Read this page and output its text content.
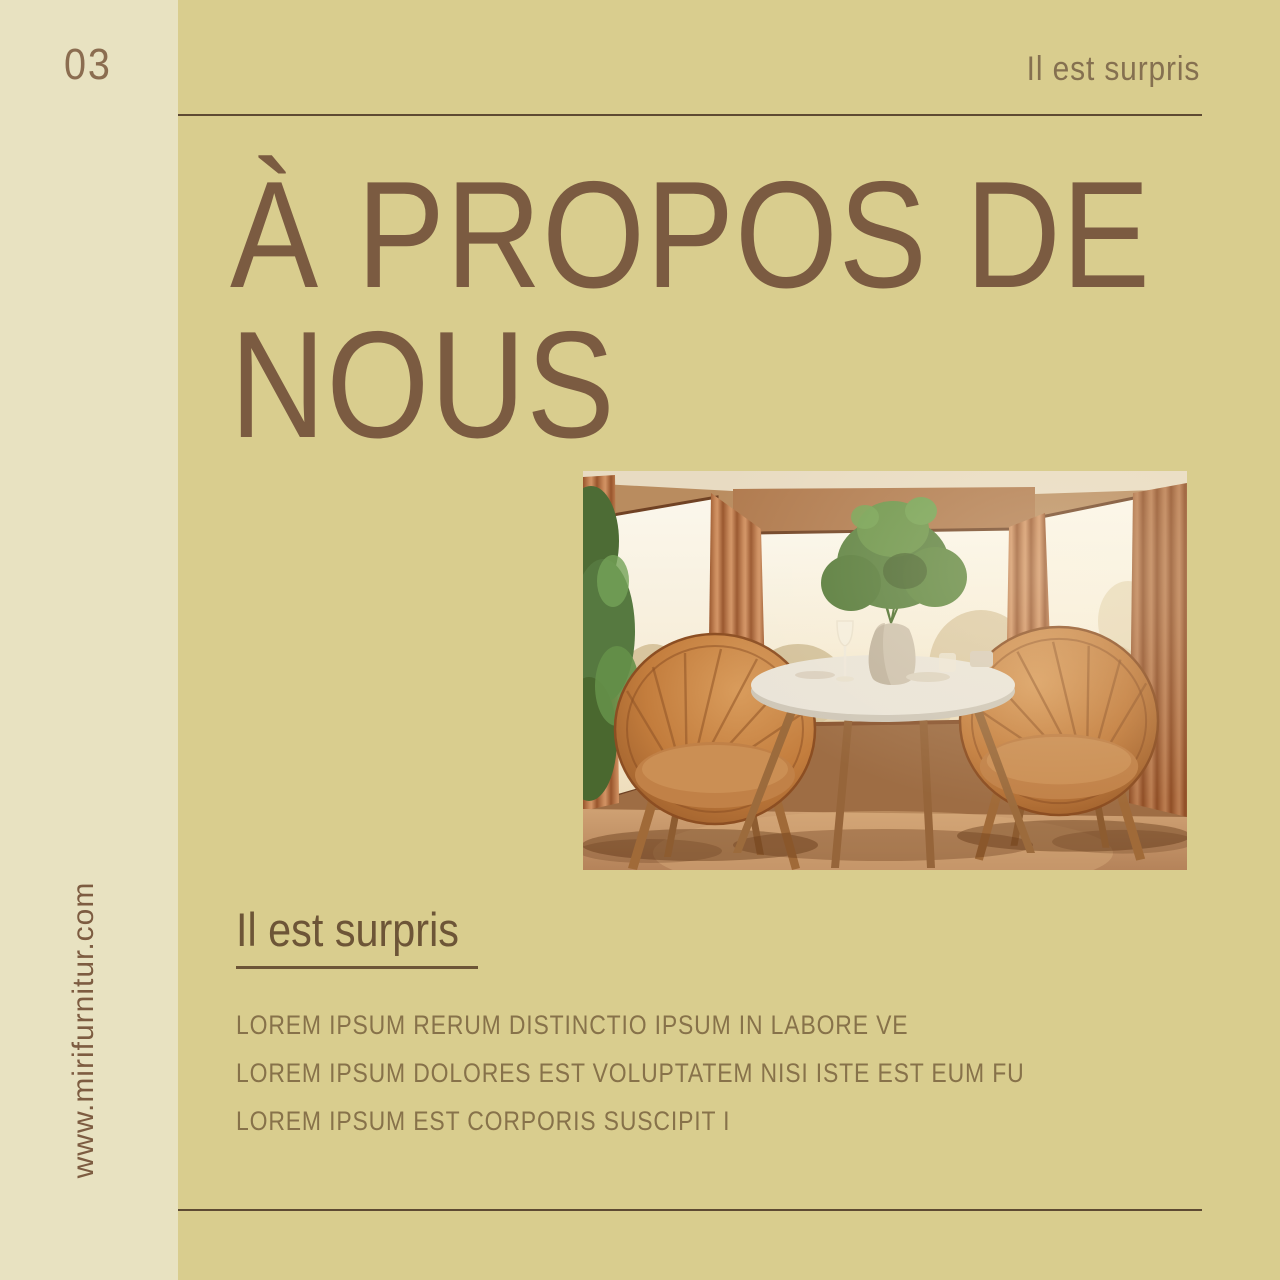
03
www.mirifurnitur.com
Il est surpris
À PROPOS DE
NOUS
Il est surpris
LOREM IPSUM RERUM DISTINCTIO IPSUM IN LABORE VE
LOREM IPSUM DOLORES EST VOLUPTATEM NISI ISTE EST EUM FU
LOREM IPSUM EST CORPORIS SUSCIPIT I
